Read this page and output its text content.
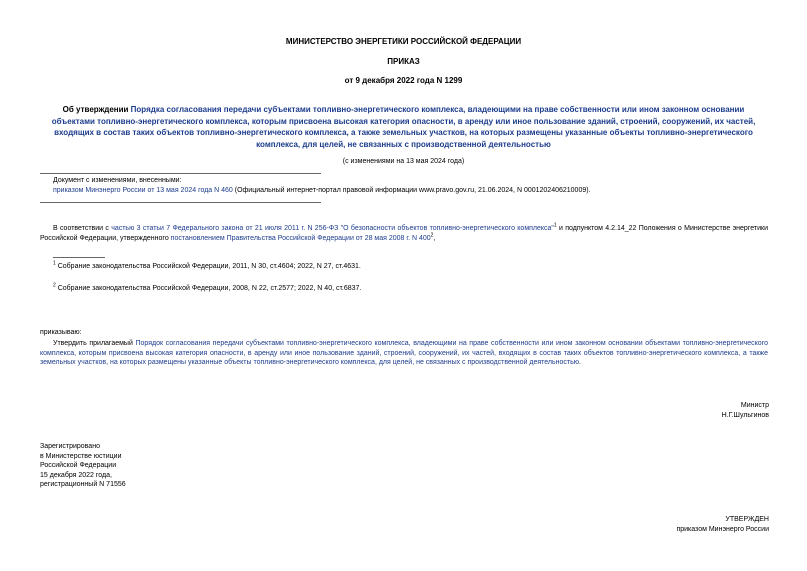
МИНИСТЕРСТВО ЭНЕРГЕТИКИ РОССИЙСКОЙ ФЕДЕРАЦИИ
ПРИКАЗ
от 9 декабря 2022 года N 1299
Об утверждении Порядка согласования передачи субъектами топливно-энергетического комплекса, владеющими на праве собственности или ином законном основании объектами топливно-энергетического комплекса, которым присвоена высокая категория опасности, в аренду или иное пользование зданий, строений, сооружений, их частей, входящих в состав таких объектов топливно-энергетического комплекса, а также земельных участков, на которых размещены указанные объекты топливно-энергетического комплекса, для целей, не связанных с производственной деятельностью
(с изменениями на 13 мая 2024 года)
Документ с изменениями, внесенными:
приказом Минэнерго России от 13 мая 2024 года N 460 (Официальный интернет-портал правовой информации www.pravo.gov.ru, 21.06.2024, N 0001202406210009).
В соответствии с частью 3 статьи 7 Федерального закона от 21 июля 2011 г. N 256-ФЗ "О безопасности объектов топливно-энергетического комплекса"$^1$ и подпунктом 4.2.14_22 Положения о Министерстве энергетики Российской Федерации, утвержденного постановлением Правительства Российской Федерации от 28 мая 2008 г. N $400^2$,
$^1$ Собрание законодательства Российской Федерации, 2011, N 30, ст.4604; 2022, N 27, ст.4631.
$^2$ Собрание законодательства Российской Федерации, 2008, N 22, ст.2577; 2022, N 40, ст.6837.
приказываю:
Утвердить прилагаемый Порядок согласования передачи субъектами топливно-энергетического комплекса, владеющими на праве собственности или ином законном основании объектами топливно-энергетического комплекса, которым присвоена высокая категория опасности, в аренду или иное пользование зданий, строений, сооружений, их частей, входящих в состав таких объектов топливно-энергетического комплекса, а также земельных участков, на которых размещены указанные объекты топливно-энергетического комплекса, для целей, не связанных с производственной деятельностью.
Министр
Н.Г.Шульгинов
Зарегистрировано
в Министерстве юстиции
Российской Федерации
15 декабря 2022 года,
регистрационный N 71556
УТВЕРЖДЕН
приказом Минэнерго России
